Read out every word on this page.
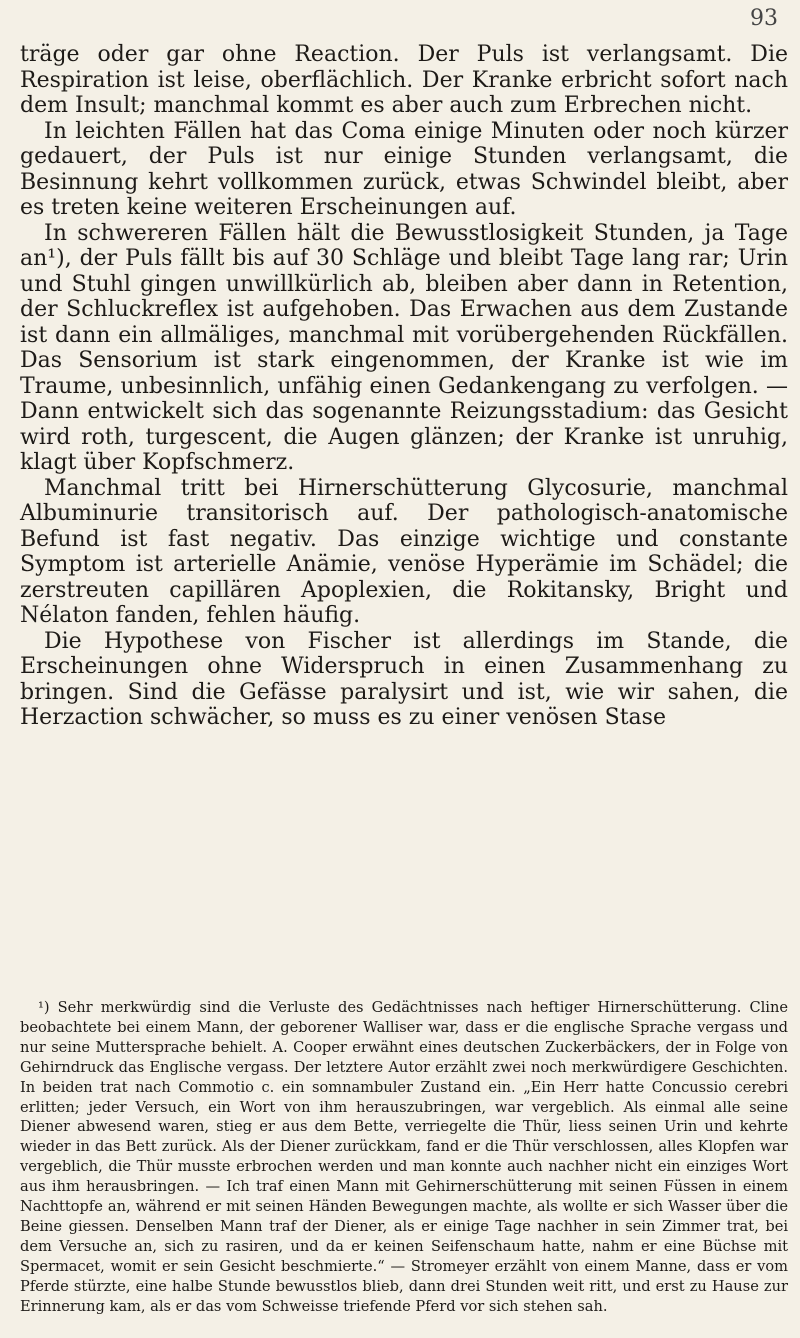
93

träge oder gar ohne Reaction. Der Puls ist verlangsamt. Die Respiration ist leise, oberflächlich. Der Kranke erbricht sofort nach dem Insult; manchmal kommt es aber auch zum Erbrechen nicht.

In leichten Fällen hat das Coma einige Minuten oder noch kürzer gedauert, der Puls ist nur einige Stunden verlangsamt, die Besinnung kehrt vollkommen zurück, etwas Schwindel bleibt, aber es treten keine weiteren Erscheinungen auf.

In schwereren Fällen hält die Bewusstlosigkeit Stunden, ja Tage an¹), der Puls fällt bis auf 30 Schläge und bleibt Tage lang rar; Urin und Stuhl gingen unwillkürlich ab, bleiben aber dann in Retention, der Schluckreflex ist aufgehoben. Das Erwachen aus dem Zustande ist dann ein allmäliges, manchmal mit vorübergehenden Rückfällen. Das Sensorium ist stark eingenommen, der Kranke ist wie im Traume, unbesinnlich, unfähig einen Gedankengang zu verfolgen. — Dann entwickelt sich das sogenannte Reizungsstadium: das Gesicht wird roth, turgescent, die Augen glänzen; der Kranke ist unruhig, klagt über Kopfschmerz.

Manchmal tritt bei Hirnerschütterung Glycosurie, manchmal Albuminurie transitorisch auf. Der pathologisch-anatomische Befund ist fast negativ. Das einzige wichtige und constante Symptom ist arterielle Anämie, venöse Hyperämie im Schädel; die zerstreuten capillären Apoplexien, die Rokitansky, Bright und Nélaton fanden, fehlen häufig.

Die Hypothese von Fischer ist allerdings im Stande, die Erscheinungen ohne Widerspruch in einen Zusammenhang zu bringen. Sind die Gefässe paralysirt und ist, wie wir sahen, die Herzaction schwächer, so muss es zu einer venösen Stase

¹) Sehr merkwürdig sind die Verluste des Gedächtnisses nach heftiger Hirnerschütterung. Cline beobachtete bei einem Mann, der geborener Walliser war, dass er die englische Sprache vergass und nur seine Muttersprache behielt. A. Cooper erwähnt eines deutschen Zuckerbäckers, der in Folge von Gehirndruck das Englische vergass. Der letztere Autor erzählt zwei noch merkwürdigere Geschichten. In beiden trat nach Commotio c. ein somnambuler Zustand ein. „Ein Herr hatte Concussio cerebri erlitten; jeder Versuch, ein Wort von ihm herauszubringen, war vergeblich. Als einmal alle seine Diener abwesend waren, stieg er aus dem Bette, verriegelte die Thür, liess seinen Urin und kehrte wieder in das Bett zurück. Als der Diener zurückkam, fand er die Thür verschlossen, alles Klopfen war vergeblich, die Thür musste erbrochen werden und man konnte auch nachher nicht ein einziges Wort aus ihm herausbringen. — Ich traf einen Mann mit Gehirnerschütterung mit seinen Füssen in einem Nachttopfe an, während er mit seinen Händen Bewegungen machte, als wollte er sich Wasser über die Beine giessen. Denselben Mann traf der Diener, als er einige Tage nachher in sein Zimmer trat, bei dem Versuche an, sich zu rasiren, und da er keinen Seifenschaum hatte, nahm er eine Büchse mit Spermacet, womit er sein Gesicht beschmierte.“ — Stromeyer erzählt von einem Manne, dass er vom Pferde stürzte, eine halbe Stunde bewusstlos blieb, dann drei Stunden weit ritt, und erst zu Hause zur Erinnerung kam, als er das vom Schweisse triefende Pferd vor sich stehen sah.
